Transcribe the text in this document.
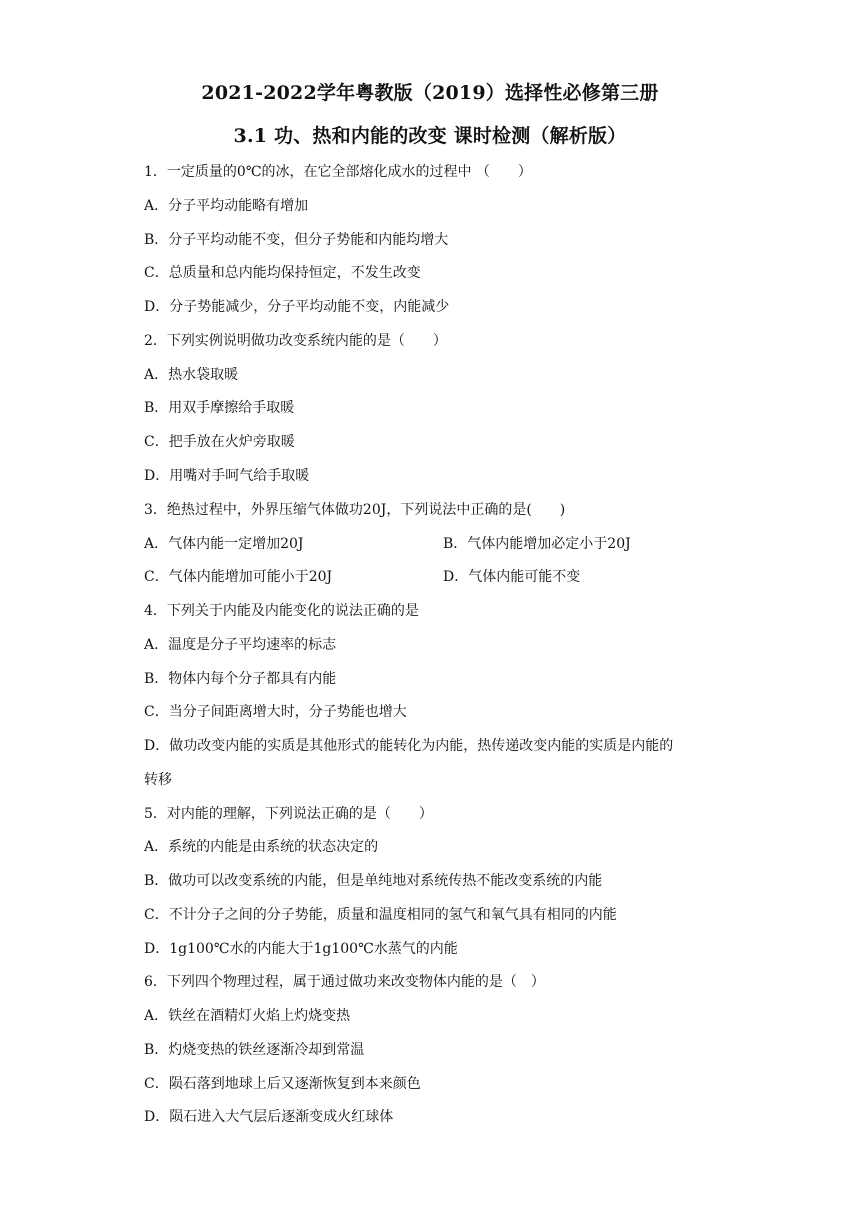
2021-2022学年粤教版（2019）选择性必修第三册
3.1 功、热和内能的改变 课时检测（解析版）
1．一定质量的0℃的冰，在它全部熔化成水的过程中 （　　）
A．分子平均动能略有增加
B．分子平均动能不变，但分子势能和内能均增大
C．总质量和总内能均保持恒定，不发生改变
D．分子势能减少，分子平均动能不变，内能减少
2．下列实例说明做功改变系统内能的是（　　）
A．热水袋取暖
B．用双手摩擦给手取暖
C．把手放在火炉旁取暖
D．用嘴对手呵气给手取暖
3．绝热过程中，外界压缩气体做功20J，下列说法中正确的是(　　)
A．气体内能一定增加20J	B．气体内能增加必定小于20J
C．气体内能增加可能小于20J	D．气体内能可能不变
4．下列关于内能及内能变化的说法正确的是
A．温度是分子平均速率的标志
B．物体内每个分子都具有内能
C．当分子间距离增大时，分子势能也增大
D．做功改变内能的实质是其他形式的能转化为内能，热传递改变内能的实质是内能的
转移
5．对内能的理解，下列说法正确的是（　　）
A．系统的内能是由系统的状态决定的
B．做功可以改变系统的内能，但是单纯地对系统传热不能改变系统的内能
C．不计分子之间的分子势能，质量和温度相同的氢气和氧气具有相同的内能
D．1g100℃水的内能大于1g100℃水蒸气的内能
6．下列四个物理过程，属于通过做功来改变物体内能的是（　）
A．铁丝在酒精灯火焰上灼烧变热
B．灼烧变热的铁丝逐渐冷却到常温
C．陨石落到地球上后又逐渐恢复到本来颜色
D．陨石进入大气层后逐渐变成火红球体
